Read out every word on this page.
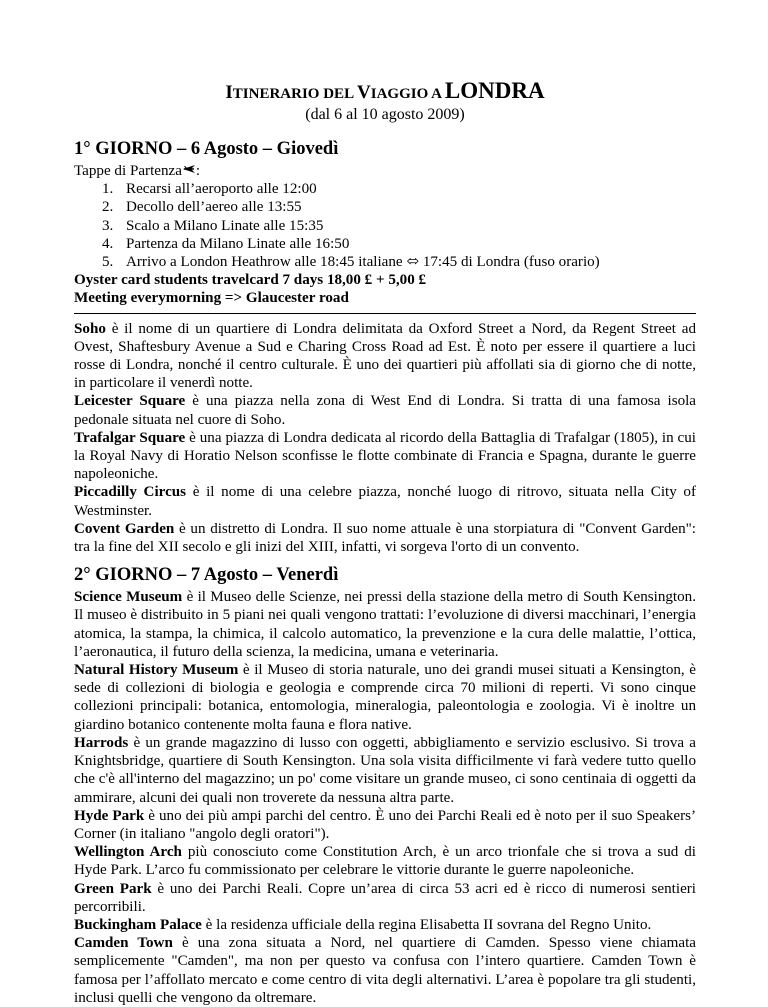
ITINERARIO DEL VIAGGIO A LONDRA

(dal 6 al 10 agosto 2009)

1° GIORNO – 6 Agosto – Giovedì
Tappe di Partenza :
1. Recarsi all’aeroporto alle 12:00
2. Decollo dell’aereo alle 13:55
3. Scalo a Milano Linate alle 15:35
4. Partenza da Milano Linate alle 16:50
5. Arrivo a London Heathrow alle 18:45 italiane ⬄ 17:45 di Londra (fuso orario)
Oyster card students travelcard 7 days 18,00 £ + 5,00 £
Meeting everymorning => Glaucester road

Soho è il nome di un quartiere di Londra delimitata da Oxford Street a Nord, da Regent Street ad Ovest, Shaftesbury Avenue a Sud e Charing Cross Road ad Est. È noto per essere il quartiere a luci rosse di Londra, nonché il centro culturale. È uno dei quartieri più affollati sia di giorno che di notte, in particolare il venerdì notte.

Leicester Square è una piazza nella zona di West End di Londra. Si tratta di una famosa isola pedonale situata nel cuore di Soho.

Trafalgar Square è una piazza di Londra dedicata al ricordo della Battaglia di Trafalgar (1805), in cui la Royal Navy di Horatio Nelson sconfisse le flotte combinate di Francia e Spagna, durante le guerre napoleoniche.

Piccadilly Circus è il nome di una celebre piazza, nonché luogo di ritrovo, situata nella City of Westminster.

Covent Garden è un distretto di Londra. Il suo nome attuale è una storpiatura di "Convent Garden": tra la fine del XII secolo e gli inizi del XIII, infatti, vi sorgeva l'orto di un convento.

2° GIORNO – 7 Agosto – Venerdì

Science Museum è il Museo delle Scienze, nei pressi della stazione della metro di South Kensington. Il museo è distribuito in 5 piani nei quali vengono trattati: l’evoluzione di diversi macchinari, l’energia atomica, la stampa, la chimica, il calcolo automatico, la prevenzione e la cura delle malattie, l’ottica, l’aeronautica, il futuro della scienza, la medicina, umana e veterinaria.

Natural History Museum è il Museo di storia naturale, uno dei grandi musei situati a Kensington, è sede di collezioni di biologia e geologia e comprende circa 70 milioni di reperti. Vi sono cinque collezioni principali: botanica, entomologia, mineralogia, paleontologia e zoologia. Vi è inoltre un giardino botanico contenente molta fauna e flora native.

Harrods è un grande magazzino di lusso con oggetti, abbigliamento e servizio esclusivo. Si trova a Knightsbridge, quartiere di South Kensington. Una sola visita difficilmente vi farà vedere tutto quello che c'è all'interno del magazzino; un po' come visitare un grande museo, ci sono centinaia di oggetti da ammirare, alcuni dei quali non troverete da nessuna altra parte.

Hyde Park è uno dei più ampi parchi del centro. È uno dei Parchi Reali ed è noto per il suo Speakers’ Corner (in italiano "angolo degli oratori").

Wellington Arch più conosciuto come Constitution Arch, è un arco trionfale che si trova a sud di Hyde Park. L’arco fu commissionato per celebrare le vittorie durante le guerre napoleoniche.

Green Park è uno dei Parchi Reali. Copre un’area di circa 53 acri ed è ricco di numerosi sentieri percorribili.

Buckingham Palace è la residenza ufficiale della regina Elisabetta II sovrana del Regno Unito.

Camden Town è una zona situata a Nord, nel quartiere di Camden. Spesso viene chiamata semplicemente "Camden", ma non per questo va confusa con l’intero quartiere. Camden Town è famosa per l’affollato mercato e come centro di vita degli alternativi. L’area è popolare tra gli studenti, inclusi quelli che vengono da oltremare.
